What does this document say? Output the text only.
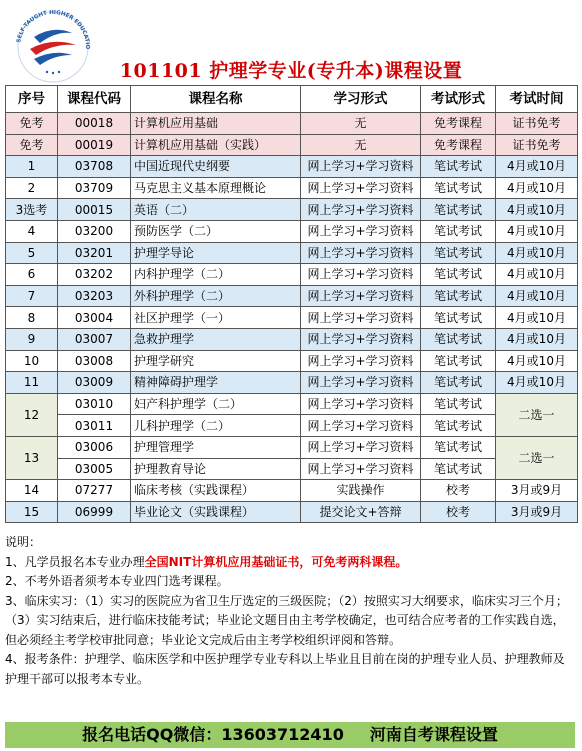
SELF-TAUGHT HIGHER EDUCATIO
101101 护理学专业(专升本)课程设置
序号	课程代码	课程名称	学习形式	考试形式	考试时间
免考	00018	计算机应用基础	无	免考课程	证书免考
免考	00019	计算机应用基础（实践）	无	免考课程	证书免考
1	03708	中国近现代史纲要	网上学习+学习资料	笔试考试	4月或10月
2	03709	马克思主义基本原理概论	网上学习+学习资料	笔试考试	4月或10月
3选考	00015	英语（二）	网上学习+学习资料	笔试考试	4月或10月
4	03200	预防医学（二）	网上学习+学习资料	笔试考试	4月或10月
5	03201	护理学导论	网上学习+学习资料	笔试考试	4月或10月
6	03202	内科护理学（二）	网上学习+学习资料	笔试考试	4月或10月
7	03203	外科护理学（二）	网上学习+学习资料	笔试考试	4月或10月
8	03004	社区护理学（一）	网上学习+学习资料	笔试考试	4月或10月
9	03007	急救护理学	网上学习+学习资料	笔试考试	4月或10月
10	03008	护理学研究	网上学习+学习资料	笔试考试	4月或10月
11	03009	精神障碍护理学	网上学习+学习资料	笔试考试	4月或10月
12	03010	妇产科护理学（二）	网上学习+学习资料	笔试考试	二选一
	03011	儿科护理学（二）	网上学习+学习资料	笔试考试	
13	03006	护理管理学	网上学习+学习资料	笔试考试	二选一
	03005	护理教育导论	网上学习+学习资料	笔试考试	
14	07277	临床考核（实践课程）	实践操作	校考	3月或9月
15	06999	毕业论文（实践课程）	提交论文+答辩	校考	3月或9月

说明：

1、凡学员报名本专业办理全国NIT计算机应用基础证书，可免考两科课程。

2、不考外语者须考本专业四门选考课程。

3、临床实习：（1）实习的医院应为省卫生厅选定的三级医院；（2）按照实习大纲要求，临床实习三个月；（3）实习结束后，进行临床技能考试；毕业论文题目由主考学校确定，也可结合应考者的工作实践自选，但必须经主考学校审批同意；毕业论文完成后由主考学校组织评阅和答辩。

4、报考条件：护理学、临床医学和中医护理学专业专科以上毕业且目前在岗的护理专业人员、护理教师及护理干部可以报考本专业。

报名电话QQ微信：13603712410 河南自考课程设置
